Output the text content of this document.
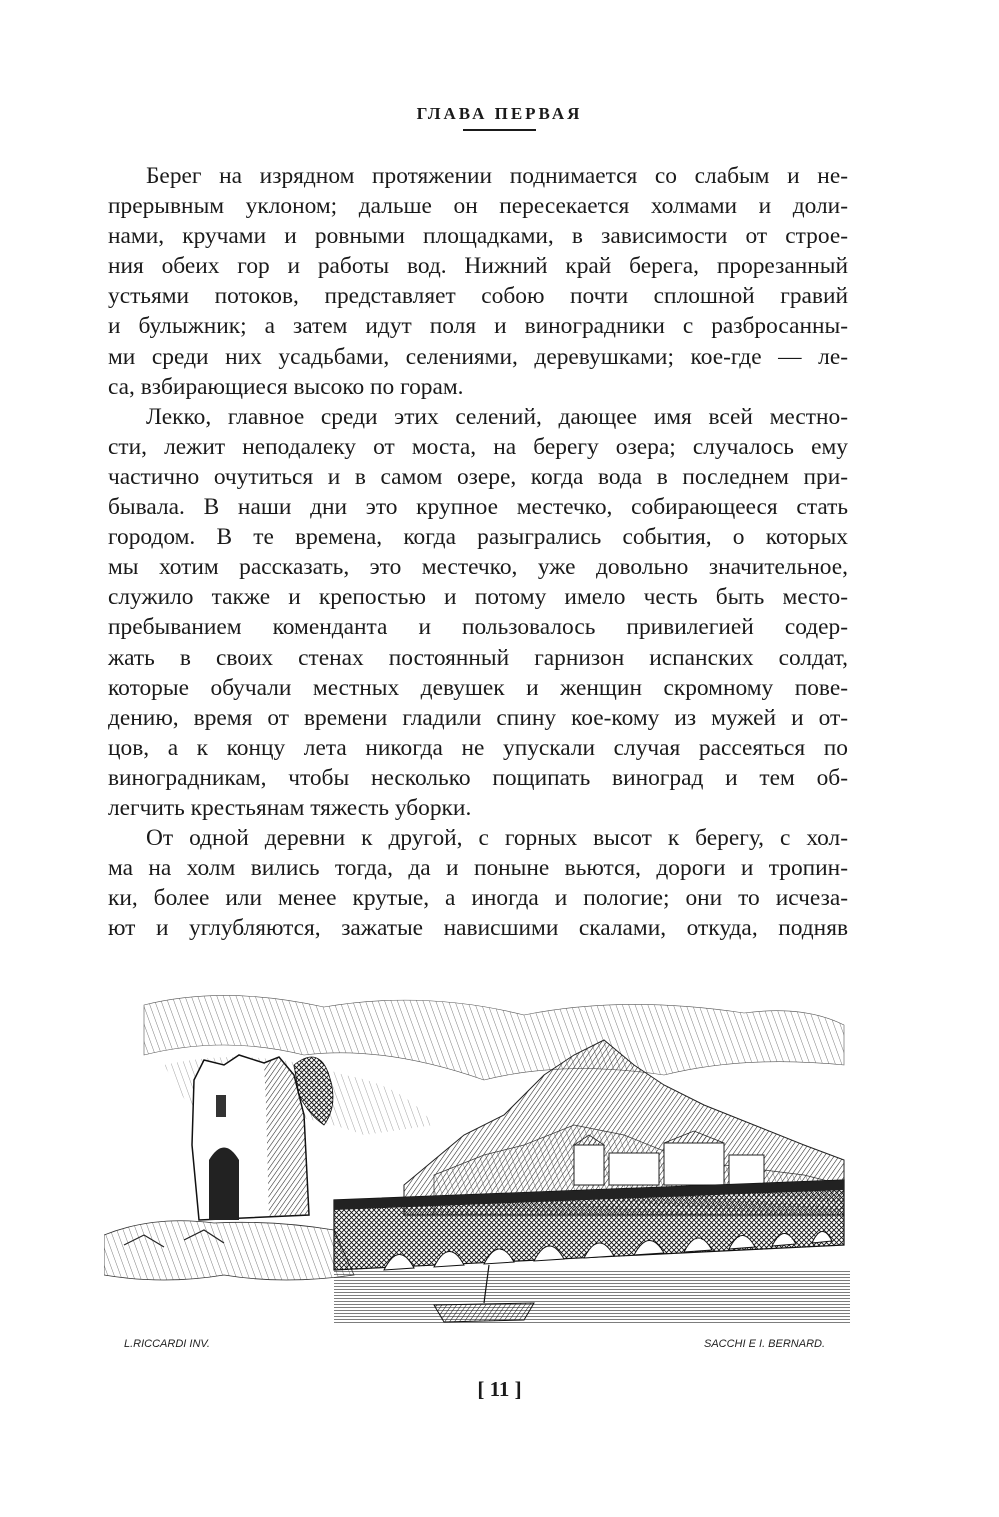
ГЛАВА ПЕРВАЯ
Берег на изрядном протяжении поднимается со слабым и не-
прерывным уклоном; дальше он пересекается холмами и доли-
нами, кручами и ровными площадками, в зависимости от строе-
ния обеих гор и работы вод. Нижний край берега, прорезанный
устьями потоков, представляет собою почти сплошной гравий
и булыжник; а затем идут поля и виноградники с разбросанны-
ми среди них усадьбами, селениями, деревушками; кое-где — ле-
са, взбирающиеся высоко по горам.
Лекко, главное среди этих селений, дающее имя всей местно-
сти, лежит неподалеку от моста, на берегу озера; случалось ему
частично очутиться и в самом озере, когда вода в последнем при-
бывала. В наши дни это крупное местечко, собирающееся стать
городом. В те времена, когда разыгрались события, о которых
мы хотим рассказать, это местечко, уже довольно значительное,
служило также и крепостью и потому имело честь быть место-
пребыванием коменданта и пользовалось привилегией содер-
жать в своих стенах постоянный гарнизон испанских солдат,
которые обучали местных девушек и женщин скромному пове-
дению, время от времени гладили спину кое-кому из мужей и от-
цов, а к концу лета никогда не упускали случая рассеяться по
виноградникам, чтобы несколько пощипать виноград и тем об-
легчить крестьянам тяжесть уборки.
От одной деревни к другой, с горных высот к берегу, с хол-
ма на холм вились тогда, да и поныне вьются, дороги и тропин-
ки, более или менее крутые, а иногда и пологие; они то исчеза-
ют и углубляются, зажатые нависшими скалами, откуда, подняв
L.RICCARDI INV.	SACCHI E I. BERNARD.
[ 11 ]
